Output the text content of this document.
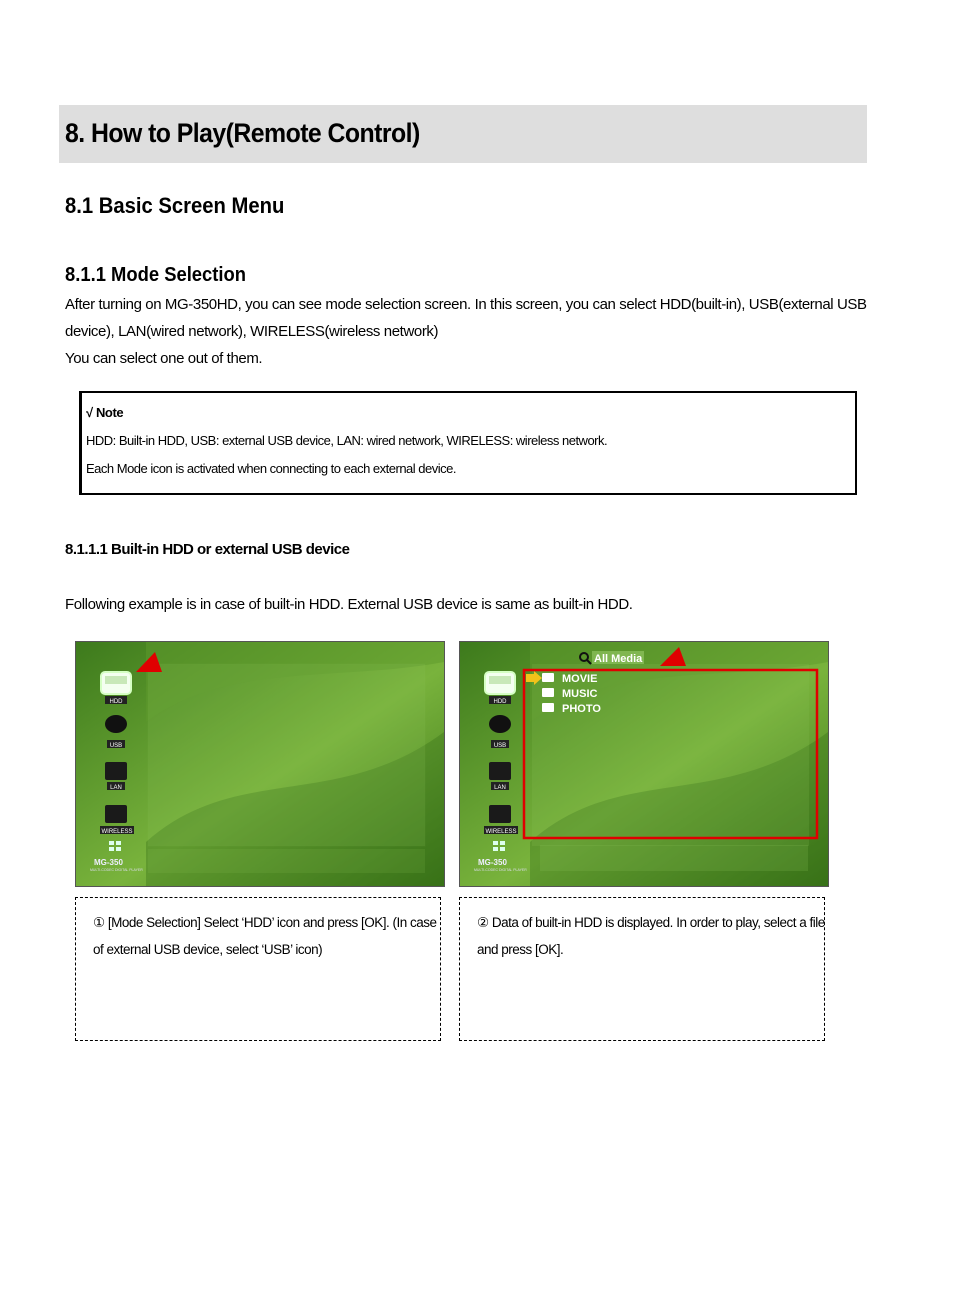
8. How to Play(Remote Control)
8.1 Basic Screen Menu
8.1.1 Mode Selection
After turning on MG-350HD, you can see mode selection screen. In this screen, you can select HDD(built-in), USB(external USB
device), LAN(wired network), WIRELESS(wireless network)
You can select one out of them.
√ Note
HDD: Built-in HDD, USB: external USB device, LAN: wired network, WIRELESS: wireless network.
Each Mode icon is activated when connecting to each external device.
8.1.1.1 Built-in HDD or external USB device
Following example is in case of built-in HDD. External USB device is same as built-in HDD.
HDD
USB
LAN
WIRELESS
MG-350
MULTI-CODEC DIGITAL PLAYER
All Media
MOVIE
MUSIC
PHOTO
HDD
USB
LAN
WIRELESS
MG-350
MULTI-CODEC DIGITAL PLAYER
① [Mode Selection] Select ‘HDD’ icon and press [OK]. (In case
of external USB device, select ‘USB’ icon)
② Data of built-in HDD is displayed. In order to play, select a file
and press [OK].
